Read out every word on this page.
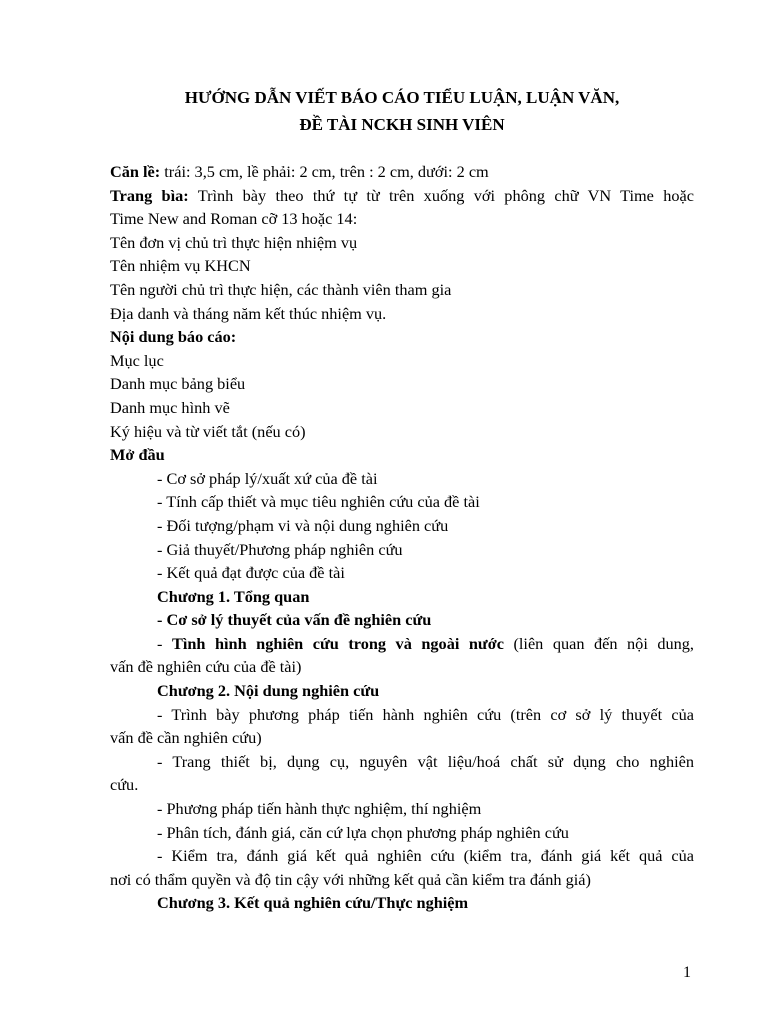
HƯỚNG DẪN VIẾT BÁO CÁO TIỂU LUẬN, LUẬN VĂN,
ĐỀ TÀI NCKH SINH VIÊN
Căn lề: trái: 3,5 cm, lề phải: 2 cm, trên : 2 cm, dưới: 2 cm
Trang bìa: Trình bày theo thứ tự từ trên xuống với phông chữ VN Time hoặc
Time New and Roman cỡ 13 hoặc 14:
Tên đơn vị chủ trì thực hiện nhiệm vụ
Tên nhiệm vụ KHCN
Tên người chủ trì thực hiện, các thành viên tham gia
Địa danh và tháng năm kết thúc nhiệm vụ.
Nội dung báo cáo:
Mục lục
Danh mục bảng biểu
Danh mục hình vẽ
Ký hiệu và từ viết tắt (nếu có)
Mở đầu
- Cơ sở pháp lý/xuất xứ của đề tài
- Tính cấp thiết và mục tiêu nghiên cứu của đề tài
- Đối tượng/phạm vi và nội dung nghiên cứu
- Giả thuyết/Phương pháp nghiên cứu
- Kết quả đạt được của đề tài
Chương 1. Tổng quan
- Cơ sở lý thuyết của vấn đề nghiên cứu
- Tình hình nghiên cứu trong và ngoài nước (liên quan đến nội dung,
vấn đề nghiên cứu của đề tài)
Chương 2. Nội dung nghiên cứu
- Trình bày phương pháp tiến hành nghiên cứu (trên cơ sở lý thuyết của
vấn đề cần nghiên cứu)
- Trang thiết bị, dụng cụ, nguyên vật liệu/hoá chất sử dụng cho nghiên
cứu.
- Phương pháp tiến hành thực nghiệm, thí nghiệm
- Phân tích, đánh giá, căn cứ lựa chọn phương pháp nghiên cứu
- Kiểm tra, đánh giá kết quả nghiên cứu (kiểm tra, đánh giá kết quả của
nơi có thẩm quyền và độ tin cậy với những kết quả cần kiểm tra đánh giá)
Chương 3. Kết quả nghiên cứu/Thực nghiệm
1
